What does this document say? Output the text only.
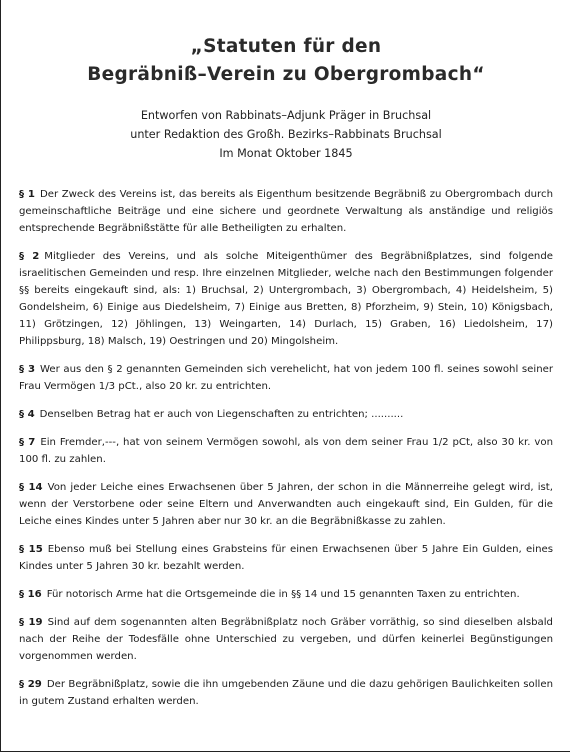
„Statuten für den

Begräbniß–Verein zu Obergrombach“

Entworfen von Rabbinats–Adjunk Präger in Bruchsal

unter Redaktion des Großh. Bezirks–Rabbinats Bruchsal

Im Monat Oktober 1845

§ 1 Der Zweck des Vereins ist, das bereits als Eigenthum besitzende Begräbniß zu Obergrombach durch gemeinschaftliche Beiträge und eine sichere und geordnete Verwaltung als anständige und religiös entsprechende Begräbnißstätte für alle Betheiligten zu erhalten.

§ 2 Mitglieder des Vereins, und als solche Miteigenthümer des Begräbnißplatzes, sind folgende israelitischen Gemeinden und resp. Ihre einzelnen Mitglieder, welche nach den Bestimmungen folgender §§ bereits eingekauft sind, als: 1) Bruchsal, 2) Untergrombach, 3) Obergrombach, 4) Heidelsheim, 5) Gondelsheim, 6) Einige aus Diedelsheim, 7) Einige aus Bretten, 8) Pforzheim, 9) Stein, 10) Königsbach, 11) Grötzingen, 12) Jöhlingen, 13) Weingarten, 14) Durlach, 15) Graben, 16) Liedolsheim, 17) Philippsburg, 18) Malsch, 19) Oestringen und 20) Mingolsheim.

§ 3 Wer aus den § 2 genannten Gemeinden sich verehelicht, hat von jedem 100 fl. seines sowohl seiner Frau Vermögen 1/3 pCt., also 20 kr. zu entrichten.

§ 4 Denselben Betrag hat er auch von Liegenschaften zu entrichten; ..........

§ 7 Ein Fremder,---, hat von seinem Vermögen sowohl, als von dem seiner Frau 1/2 pCt, also 30 kr. von 100 fl. zu zahlen.

§ 14 Von jeder Leiche eines Erwachsenen über 5 Jahren, der schon in die Männerreihe gelegt wird, ist, wenn der Verstorbene oder seine Eltern und Anverwandten auch eingekauft sind, Ein Gulden, für die Leiche eines Kindes unter 5 Jahren aber nur 30 kr. an die Begräbnißkasse zu zahlen.

§ 15 Ebenso muß bei Stellung eines Grabsteins für einen Erwachsenen über 5 Jahre Ein Gulden, eines Kindes unter 5 Jahren 30 kr. bezahlt werden.

§ 16 Für notorisch Arme hat die Ortsgemeinde die in §§ 14 und 15 genannten Taxen zu entrichten.

§ 19 Sind auf dem sogenannten alten Begräbnißplatz noch Gräber vorräthig, so sind dieselben alsbald nach der Reihe der Todesfälle ohne Unterschied zu vergeben, und dürfen keinerlei Begünstigungen vorgenommen werden.

§ 29 Der Begräbnißplatz, sowie die ihn umgebenden Zäune und die dazu gehörigen Baulichkeiten sollen in gutem Zustand erhalten werden.
